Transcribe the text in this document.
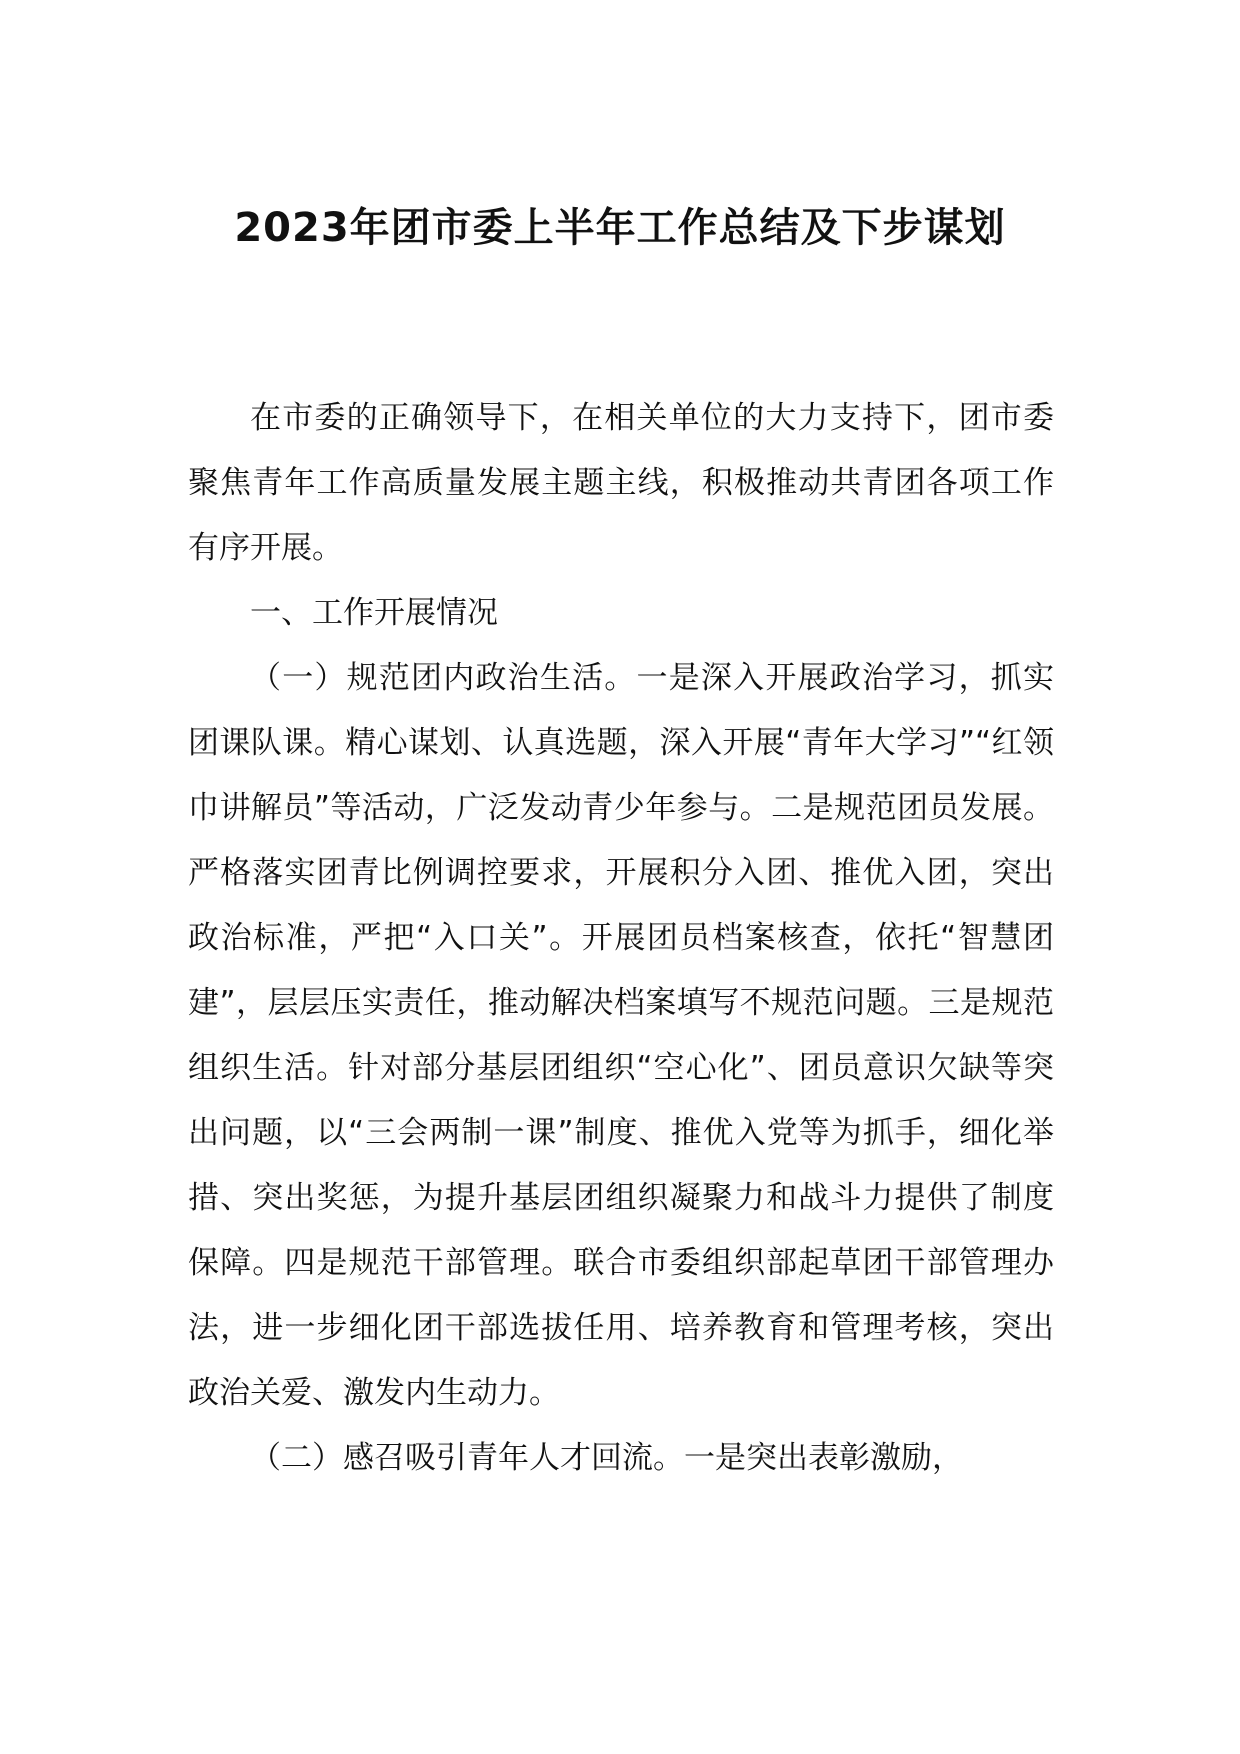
2023年团市委上半年工作总结及下步谋划

在市委的正确领导下，在相关单位的大力支持下，团市委聚焦青年工作高质量发展主题主线，积极推动共青团各项工作有序开展。

一、工作开展情况

（一）规范团内政治生活。一是深入开展政治学习，抓实团课队课。精心谋划、认真选题，深入开展“青年大学习”“红领巾讲解员”等活动，广泛发动青少年参与。二是规范团员发展。严格落实团青比例调控要求，开展积分入团、推优入团，突出政治标准，严把“入口关”。开展团员档案核查，依托“智慧团建”，层层压实责任，推动解决档案填写不规范问题。三是规范组织生活。针对部分基层团组织“空心化”、团员意识欠缺等突出问题，以“三会两制一课”制度、推优入党等为抓手，细化举措、突出奖惩，为提升基层团组织凝聚力和战斗力提供了制度保障。四是规范干部管理。联合市委组织部起草团干部管理办法，进一步细化团干部选拔任用、培养教育和管理考核，突出政治关爱、激发内生动力。

（二）感召吸引青年人才回流。一是突出表彰激励，
